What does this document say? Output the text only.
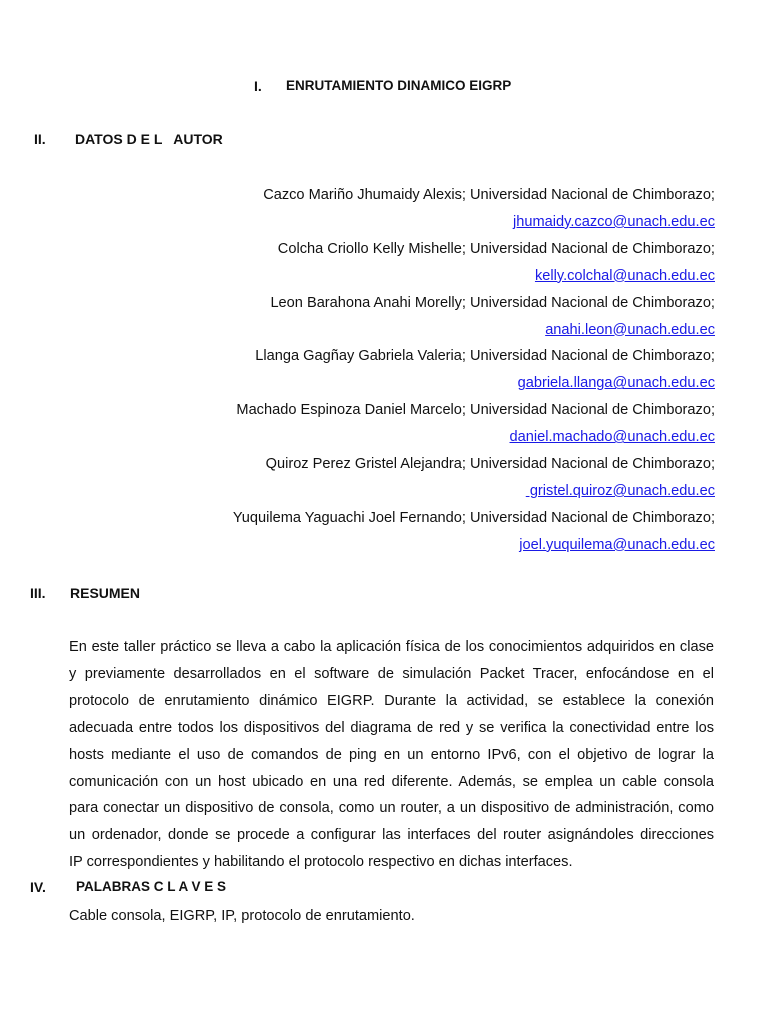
I. ENRUTAMIENTO DINAMICO EIGRP
II. DATOS D E L   AUTOR
Cazco Mariño Jhumaidy Alexis; Universidad Nacional de Chimborazo;
jhumaidy.cazco@unach.edu.ec
Colcha Criollo Kelly Mishelle; Universidad Nacional de Chimborazo;
kelly.colchal@unach.edu.ec
Leon Barahona Anahi Morelly; Universidad Nacional de Chimborazo;
anahi.leon@unach.edu.ec
Llanga Gagñay Gabriela Valeria; Universidad Nacional de Chimborazo;
gabriela.llanga@unach.edu.ec
Machado Espinoza Daniel Marcelo; Universidad Nacional de Chimborazo;
daniel.machado@unach.edu.ec
Quiroz Perez Gristel Alejandra; Universidad Nacional de Chimborazo;
gristel.quiroz@unach.edu.ec
Yuquilema Yaguachi Joel Fernando; Universidad Nacional de Chimborazo;
joel.yuquilema@unach.edu.ec
III. RESUMEN
En este taller práctico se lleva a cabo la aplicación física de los conocimientos adquiridos en clase
y previamente desarrollados en el software de simulación Packet Tracer, enfocándose en el
protocolo de enrutamiento dinámico EIGRP. Durante la actividad, se establece la conexión
adecuada entre todos los dispositivos del diagrama de red y se verifica la conectividad entre los
hosts mediante el uso de comandos de ping en un entorno IPv6, con el objetivo de lograr la
comunicación con un host ubicado en una red diferente. Además, se emplea un cable consola
para conectar un dispositivo de consola, como un router, a un dispositivo de administración, como
un ordenador, donde se procede a configurar las interfaces del router asignándoles direcciones
IP correspondientes y habilitando el protocolo respectivo en dichas interfaces.
IV. PALABRAS C L A V E S
Cable consola, EIGRP, IP, protocolo de enrutamiento.
